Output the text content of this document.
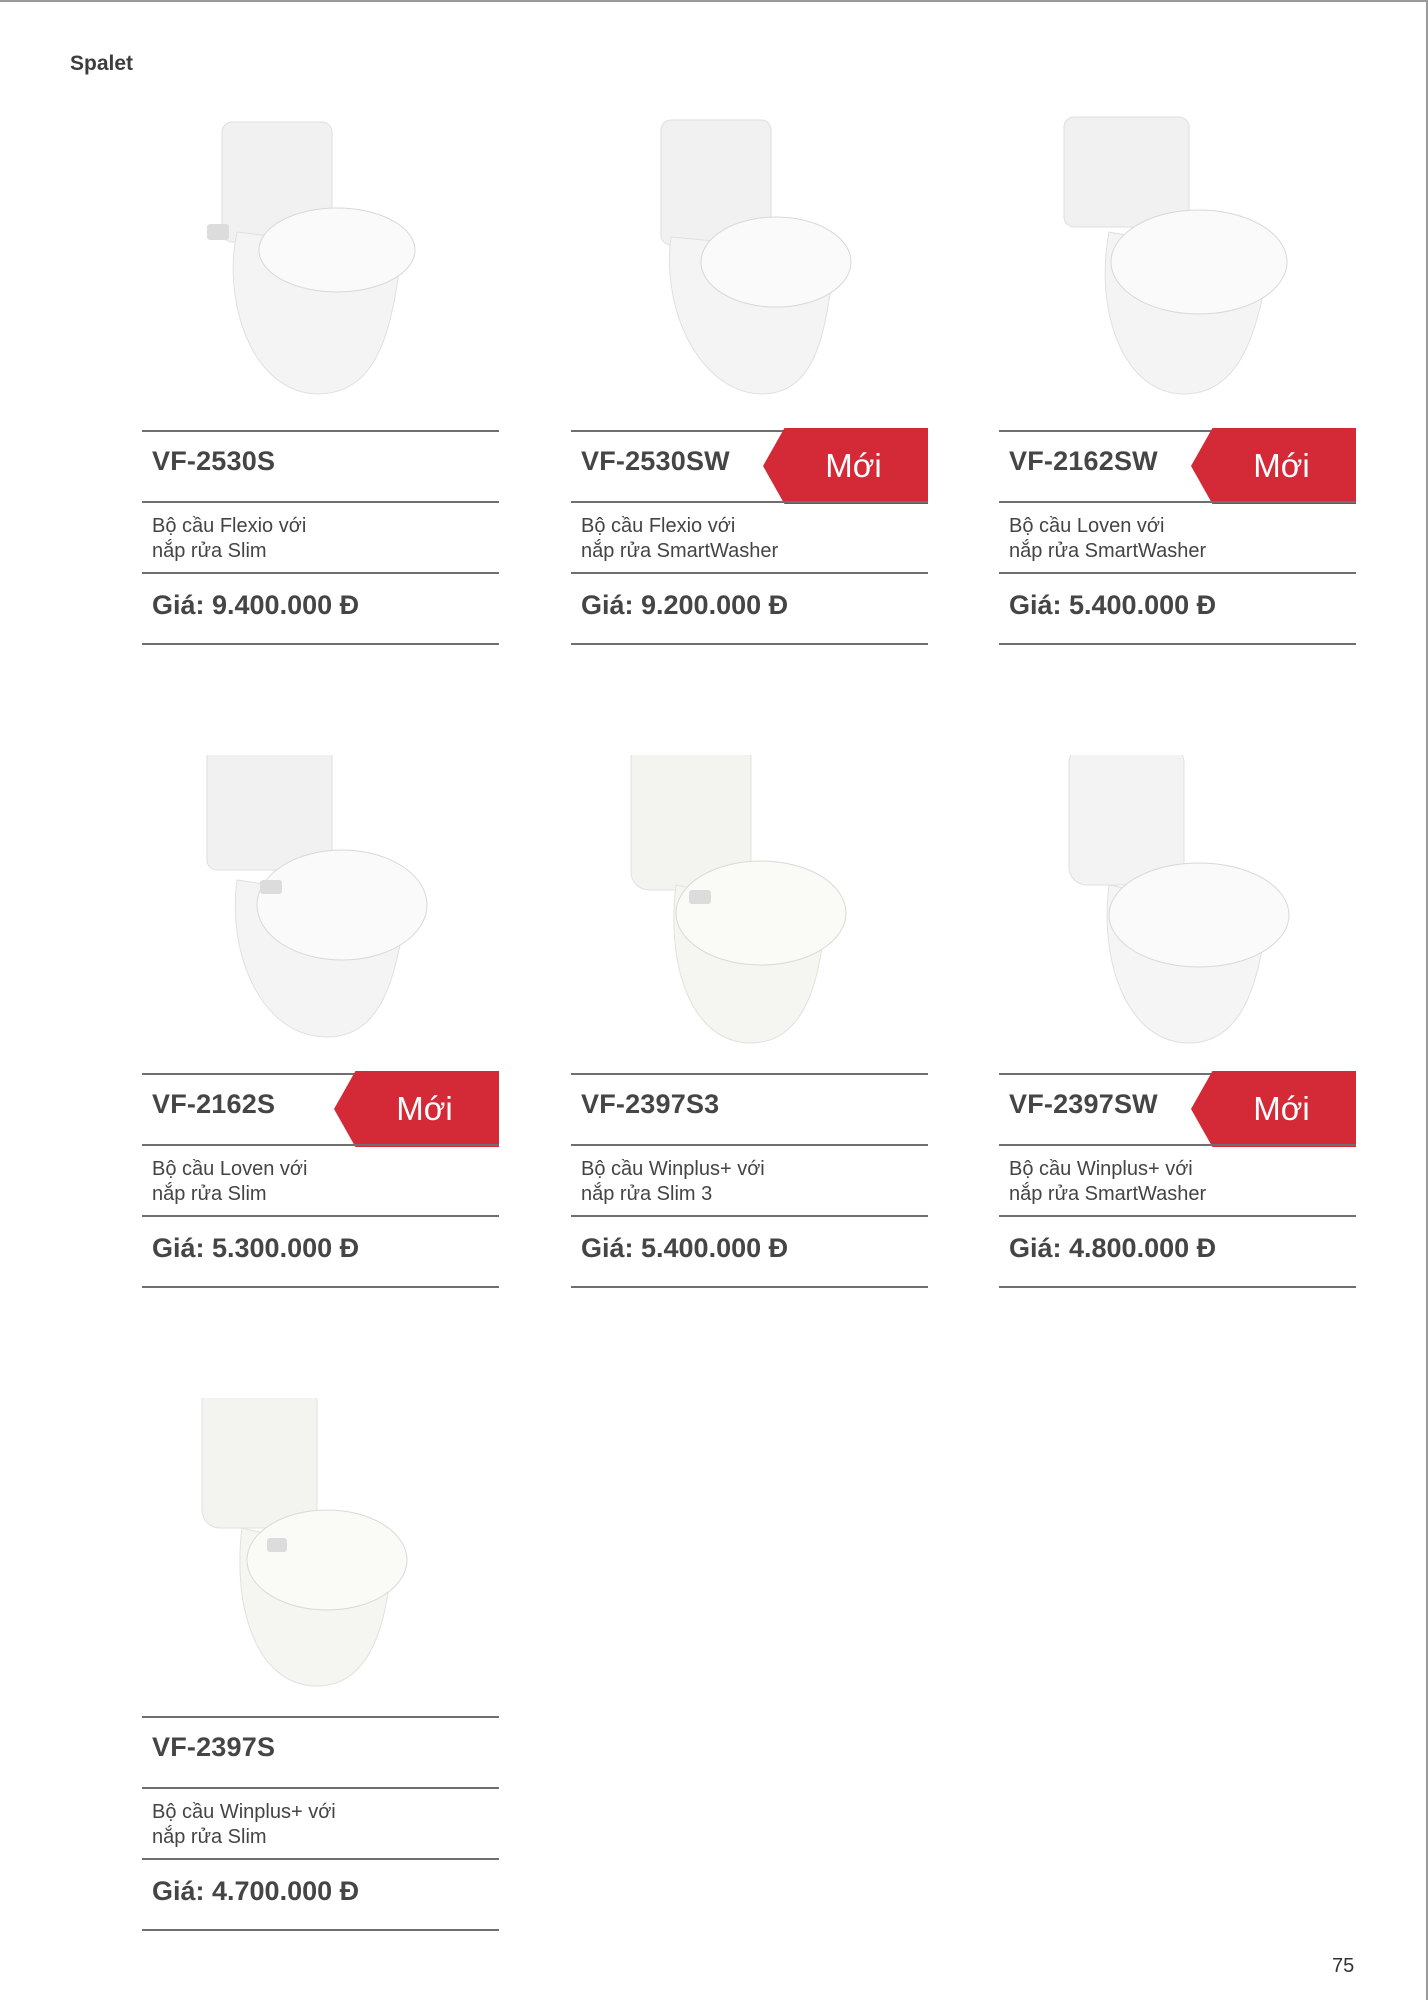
Spalet
VF-2530S
Bộ cầu Flexio với
nắp rửa Slim
Giá: 9.400.000 Đ
VF-2530SW	Mới
Bộ cầu Flexio với
nắp rửa SmartWasher
Giá: 9.200.000 Đ
VF-2162SW	Mới
Bộ cầu Loven với
nắp rửa SmartWasher
Giá: 5.400.000 Đ
VF-2162S	Mới
Bộ cầu Loven với
nắp rửa Slim
Giá: 5.300.000 Đ
VF-2397S3
Bộ cầu Winplus+ với
nắp rửa Slim 3
Giá: 5.400.000 Đ
VF-2397SW	Mới
Bộ cầu Winplus+ với
nắp rửa SmartWasher
Giá: 4.800.000 Đ
VF-2397S
Bộ cầu Winplus+ với
nắp rửa Slim
Giá: 4.700.000 Đ
75
